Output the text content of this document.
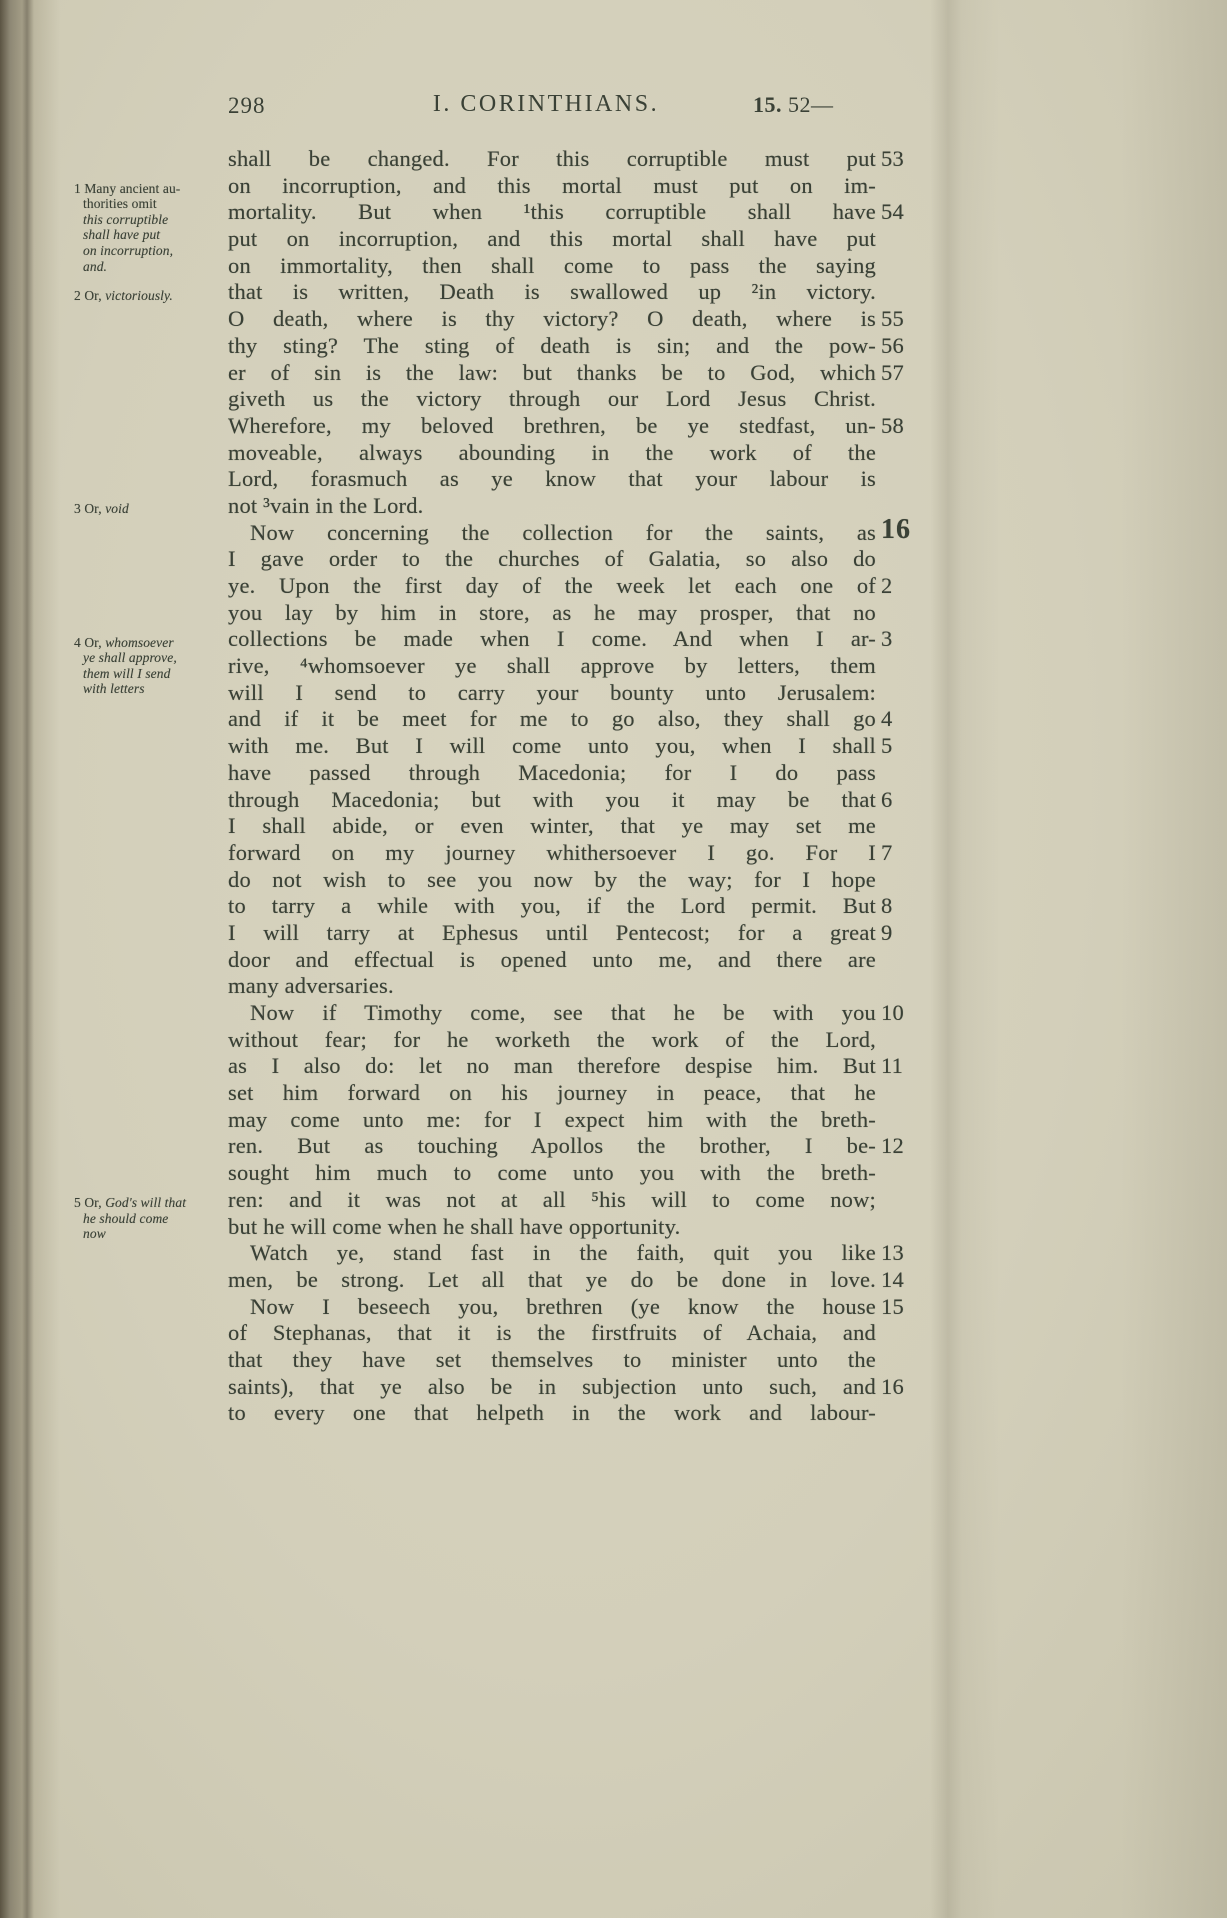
298	I. CORINTHIANS.	15. 52—
1 Many ancient au-
thorities omit
this corruptible
shall have put
on incorruption,
and.
2 Or, victoriously.
3 Or, void
4 Or, whomsoever
ye shall approve,
them will I send
with letters
5 Or, God's will that
he should come
now
shall be changed. For this corruptible must put 53
on incorruption, and this mortal must put on im-
mortality. But when ¹this corruptible shall have 54
put on incorruption, and this mortal shall have put
on immortality, then shall come to pass the saying
that is written, Death is swallowed up ²in victory.
O death, where is thy victory? O death, where is 55
thy sting? The sting of death is sin; and the pow- 56
er of sin is the law: but thanks be to God, which 57
giveth us the victory through our Lord Jesus Christ.
Wherefore, my beloved brethren, be ye stedfast, un- 58
moveable, always abounding in the work of the
Lord, forasmuch as ye know that your labour is
not ³vain in the Lord.
Now concerning the collection for the saints, as 16
I gave order to the churches of Galatia, so also do
ye. Upon the first day of the week let each one of 2
you lay by him in store, as he may prosper, that no
collections be made when I come. And when I ar- 3
rive, ⁴whomsoever ye shall approve by letters, them
will I send to carry your bounty unto Jerusalem:
and if it be meet for me to go also, they shall go 4
with me. But I will come unto you, when I shall 5
have passed through Macedonia; for I do pass
through Macedonia; but with you it may be that 6
I shall abide, or even winter, that ye may set me
forward on my journey whithersoever I go. For I 7
do not wish to see you now by the way; for I hope
to tarry a while with you, if the Lord permit. But 8
I will tarry at Ephesus until Pentecost; for a great 9
door and effectual is opened unto me, and there are
many adversaries.
Now if Timothy come, see that he be with you 10
without fear; for he worketh the work of the Lord,
as I also do: let no man therefore despise him. But 11
set him forward on his journey in peace, that he
may come unto me: for I expect him with the breth-
ren. But as touching Apollos the brother, I be- 12
sought him much to come unto you with the breth-
ren: and it was not at all ⁵his will to come now;
but he will come when he shall have opportunity.
Watch ye, stand fast in the faith, quit you like 13
men, be strong. Let all that ye do be done in love. 14
Now I beseech you, brethren (ye know the house 15
of Stephanas, that it is the firstfruits of Achaia, and
that they have set themselves to minister unto the
saints), that ye also be in subjection unto such, and 16
to every one that helpeth in the work and labour-
